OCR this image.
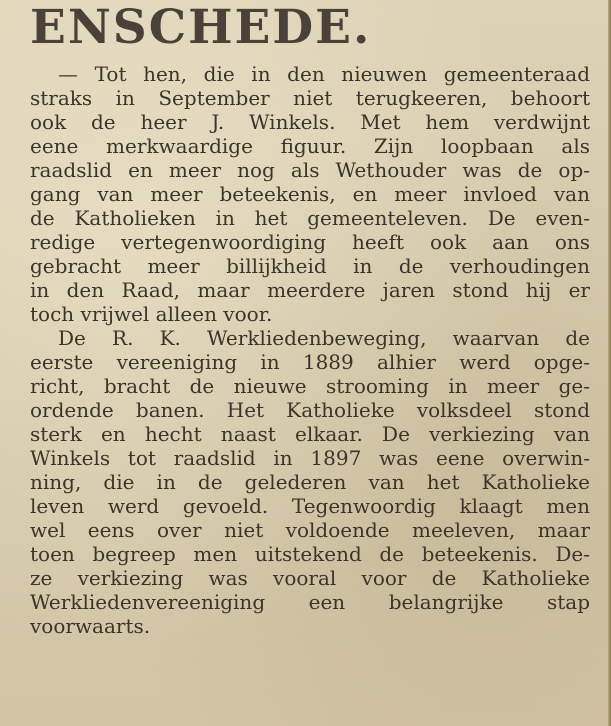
ENSCHEDE.
— Tot hen, die in den nieuwen gemeenteraad
straks in September niet terugkeeren, behoort
ook de heer J. Winkels. Met hem verdwijnt
eene merkwaardige figuur. Zijn loopbaan als
raadslid en meer nog als Wethouder was de op-
gang van meer beteekenis, en meer invloed van
de Katholieken in het gemeenteleven. De even-
redige vertegenwoordiging heeft ook aan ons
gebracht meer billijkheid in de verhoudingen
in den Raad, maar meerdere jaren stond hij er
toch vrijwel alleen voor.
De R. K. Werkliedenbeweging, waarvan de
eerste vereeniging in 1889 alhier werd opge-
richt, bracht de nieuwe strooming in meer ge-
ordende banen. Het Katholieke volksdeel stond
sterk en hecht naast elkaar. De verkiezing van
Winkels tot raadslid in 1897 was eene overwin-
ning, die in de gelederen van het Katholieke
leven werd gevoeld. Tegenwoordig klaagt men
wel eens over niet voldoende meeleven, maar
toen begreep men uitstekend de beteekenis. De-
ze verkiezing was vooral voor de Katholieke
Werkliedenvereeniging een belangrijke stap
voorwaarts.
